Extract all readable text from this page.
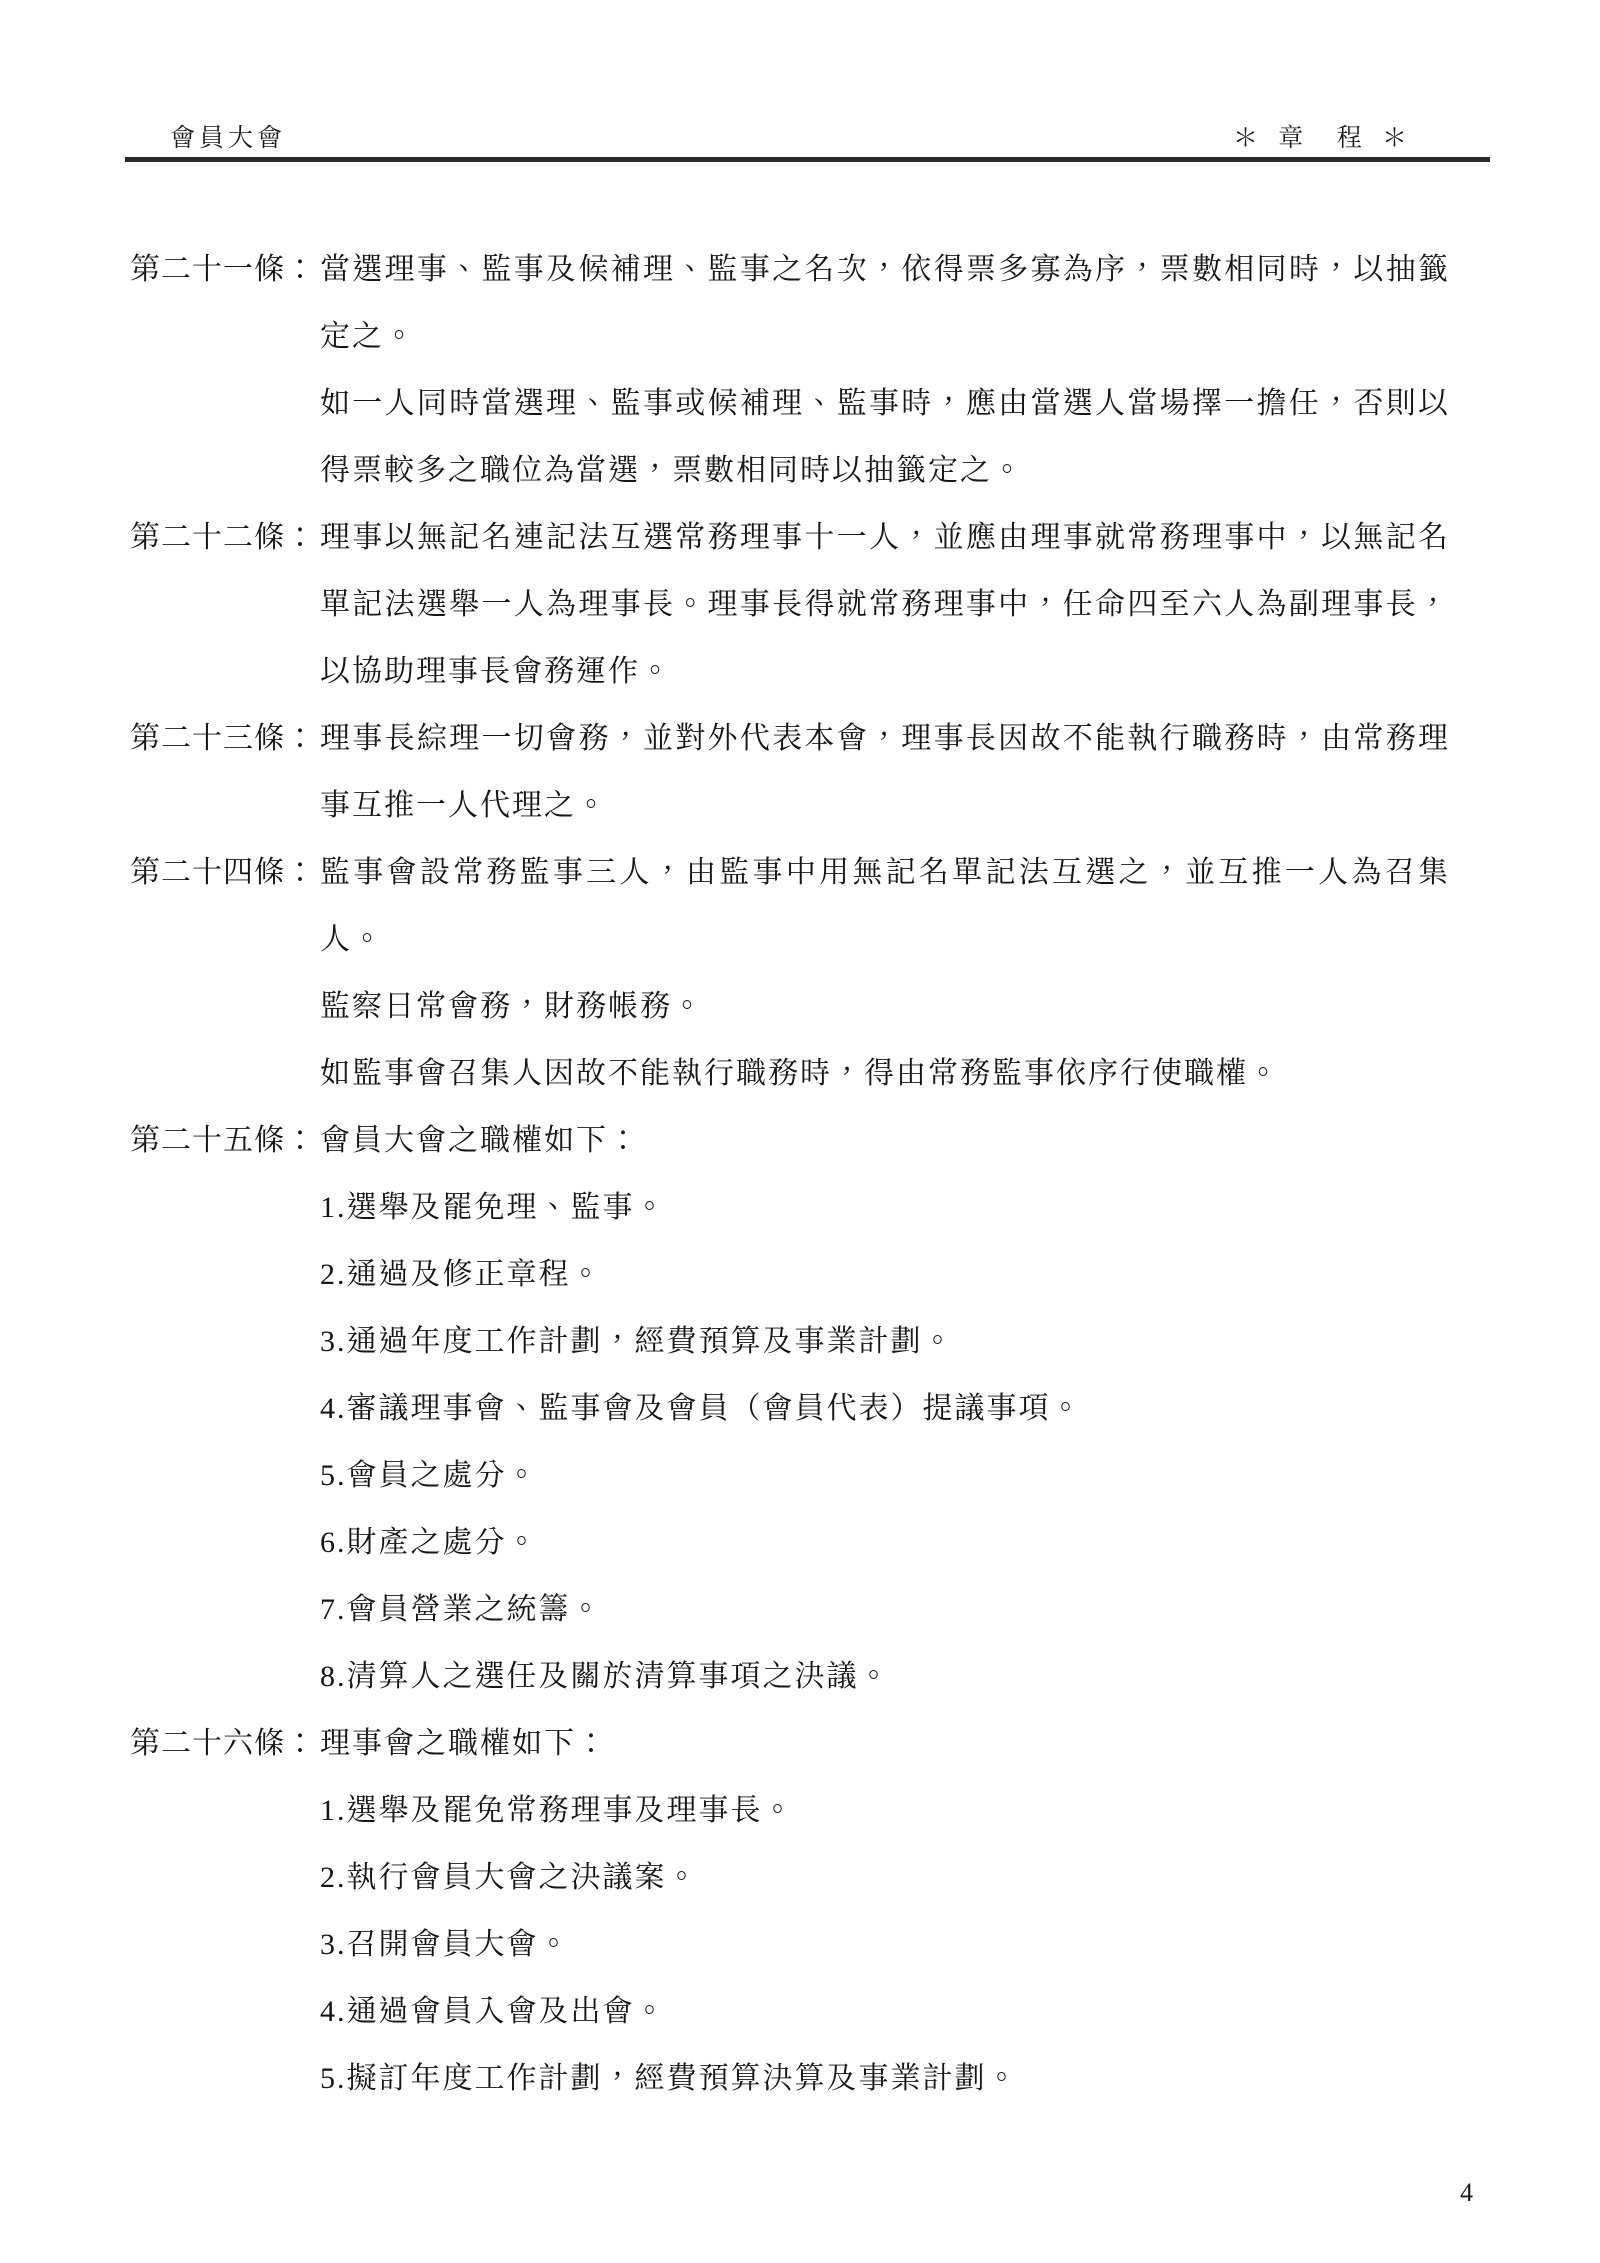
會員大會	＊ 章  程 ＊
第二十一條： 當選理事、監事及候補理、監事之名次，依得票多寡為序，票數相同時，以抽籤定之。

如一人同時當選理、監事或候補理、監事時，應由當選人當場擇一擔任，否則以得票較多之職位為當選，票數相同時以抽籤定之。

第二十二條： 理事以無記名連記法互選常務理事十一人，並應由理事就常務理事中，以無記名單記法選舉一人為理事長。理事長得就常務理事中，任命四至六人為副理事長，以協助理事長會務運作。

第二十三條： 理事長綜理一切會務，並對外代表本會，理事長因故不能執行職務時，由常務理事互推一人代理之。

第二十四條： 監事會設常務監事三人，由監事中用無記名單記法互選之，並互推一人為召集人。

監察日常會務，財務帳務。

如監事會召集人因故不能執行職務時，得由常務監事依序行使職權。

第二十五條： 會員大會之職權如下：

1.選舉及罷免理、監事。

2.通過及修正章程。

3.通過年度工作計劃，經費預算及事業計劃。

4.審議理事會、監事會及會員（會員代表）提議事項。

5.會員之處分。

6.財產之處分。

7.會員營業之統籌。

8.清算人之選任及關於清算事項之決議。

第二十六條： 理事會之職權如下：

1.選舉及罷免常務理事及理事長。

2.執行會員大會之決議案。

3.召開會員大會。

4.通過會員入會及出會。

5.擬訂年度工作計劃，經費預算決算及事業計劃。

4
